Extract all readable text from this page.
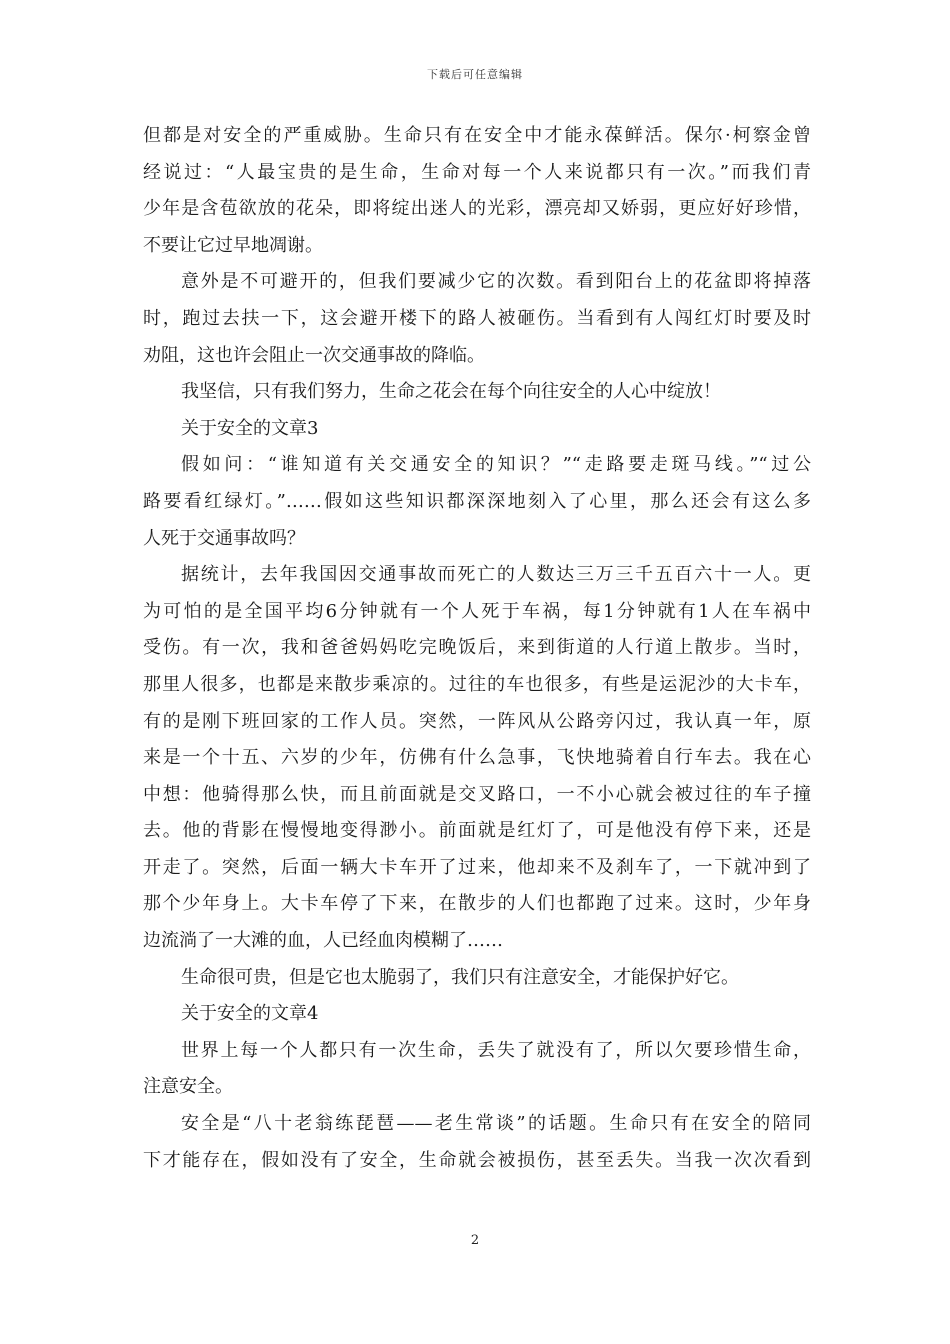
下载后可任意编辑
但都是对安全的严重威胁。生命只有在安全中才能永葆鲜活。保尔·柯察金曾
经说过：“人最宝贵的是生命，生命对每一个人来说都只有一次。”而我们青
少年是含苞欲放的花朵，即将绽出迷人的光彩，漂亮却又娇弱，更应好好珍惜，
不要让它过早地凋谢。
意外是不可避开的，但我们要减少它的次数。看到阳台上的花盆即将掉落
时，跑过去扶一下，这会避开楼下的路人被砸伤。当看到有人闯红灯时要及时
劝阻，这也许会阻止一次交通事故的降临。
我坚信，只有我们努力，生命之花会在每个向往安全的人心中绽放！
关于安全的文章3
假如问：“谁知道有关交通安全的知识？”“走路要走斑马线。”“过公
路要看红绿灯。”……假如这些知识都深深地刻入了心里，那么还会有这么多
人死于交通事故吗？
据统计，去年我国因交通事故而死亡的人数达三万三千五百六十一人。更
为可怕的是全国平均6分钟就有一个人死于车祸，每1分钟就有1人在车祸中
受伤。有一次，我和爸爸妈妈吃完晚饭后，来到街道的人行道上散步。当时，
那里人很多，也都是来散步乘凉的。过往的车也很多，有些是运泥沙的大卡车，
有的是刚下班回家的工作人员。突然，一阵风从公路旁闪过，我认真一年，原
来是一个十五、六岁的少年，仿佛有什么急事，飞快地骑着自行车去。我在心
中想：他骑得那么快，而且前面就是交叉路口，一不小心就会被过往的车子撞
去。他的背影在慢慢地变得渺小。前面就是红灯了，可是他没有停下来，还是
开走了。突然，后面一辆大卡车开了过来，他却来不及刹车了，一下就冲到了
那个少年身上。大卡车停了下来，在散步的人们也都跑了过来。这时，少年身
边流淌了一大滩的血，人已经血肉模糊了……
生命很可贵，但是它也太脆弱了，我们只有注意安全，才能保护好它。
关于安全的文章4
世界上每一个人都只有一次生命，丢失了就没有了，所以欠要珍惜生命，
注意安全。
安全是“八十老翁练琵琶——老生常谈”的话题。生命只有在安全的陪同
下才能存在，假如没有了安全，生命就会被损伤，甚至丢失。当我一次次看到
2
